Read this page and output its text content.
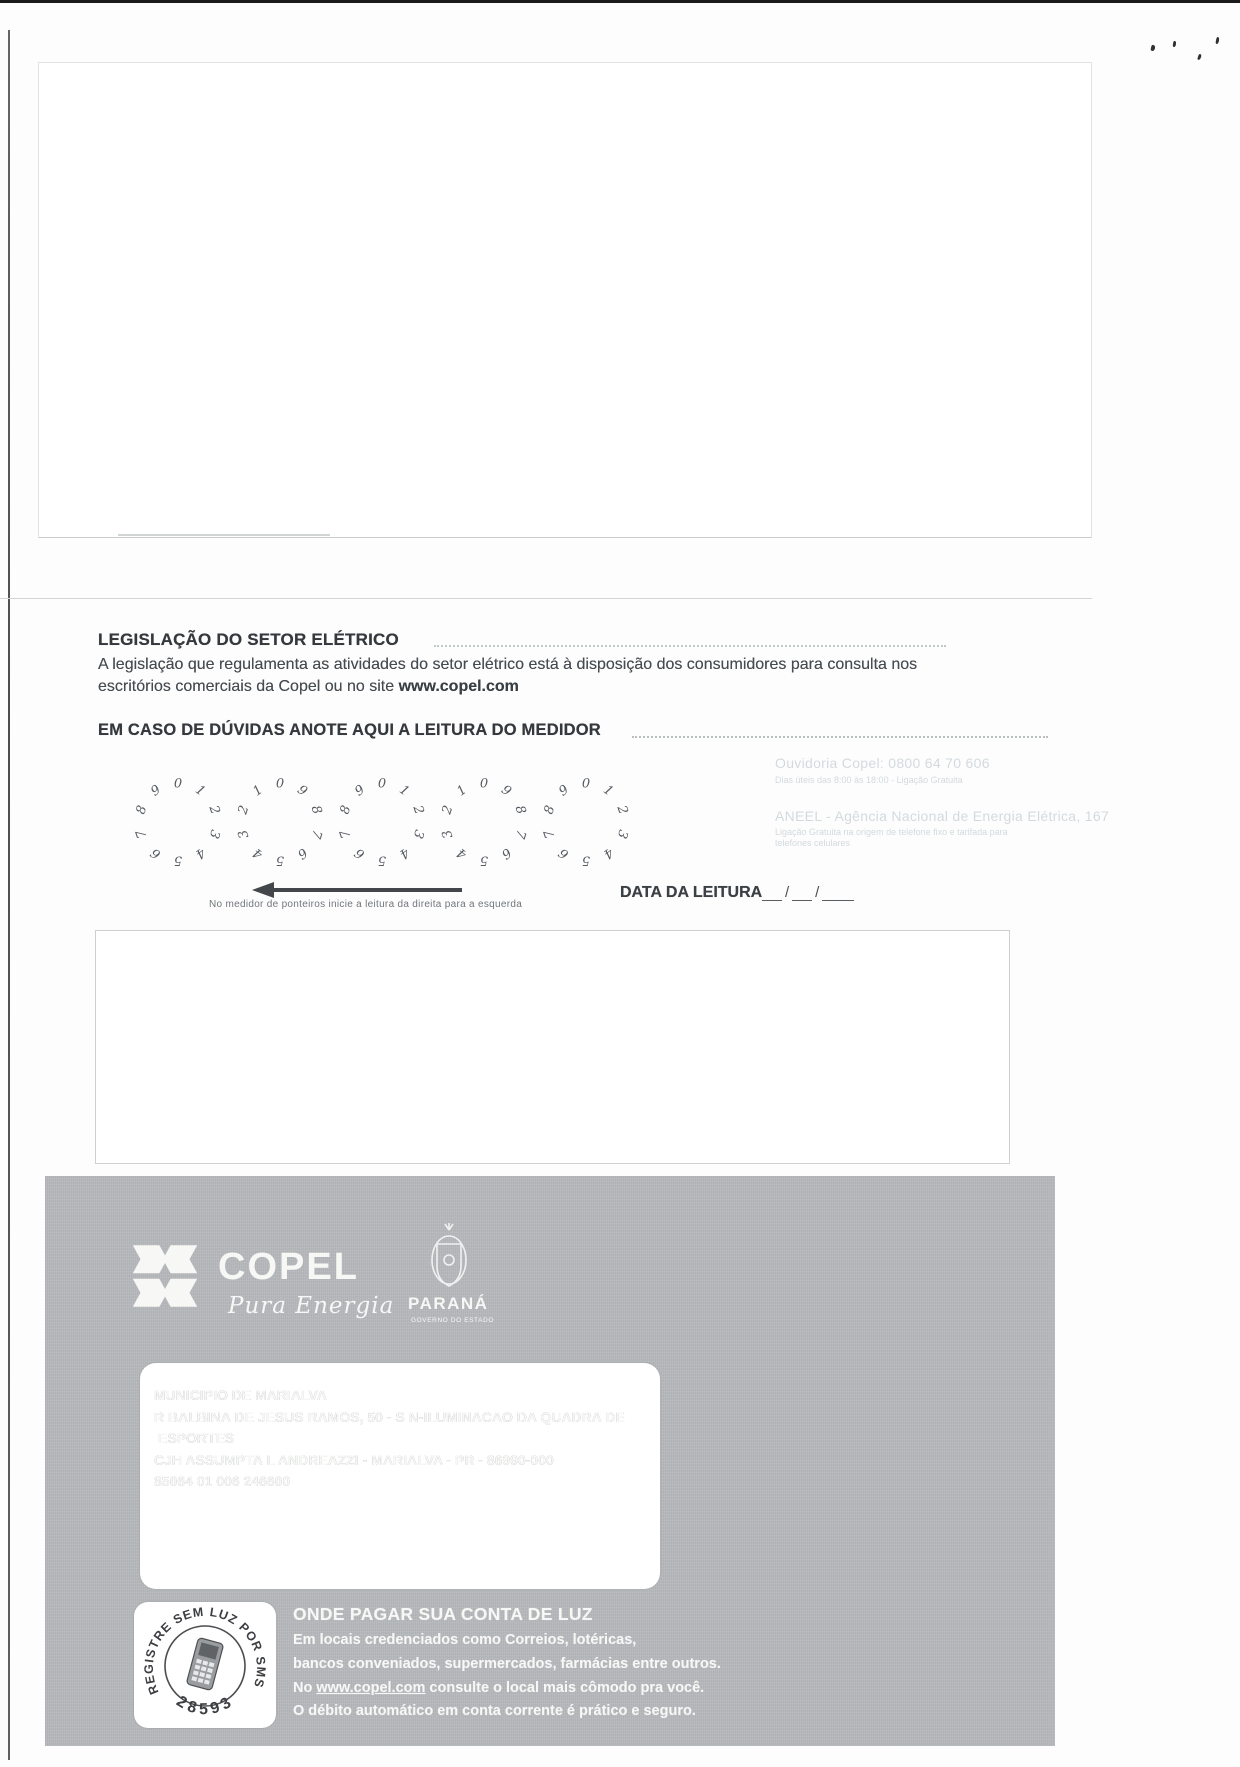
LEGISLAÇÃO DO SETOR ELÉTRICO
A legislação que regulamenta as atividades do setor elétrico está à disposição dos consumidores para consulta nos
escritórios comerciais da Copel ou no site www.copel.com
EM CASO DE DÚVIDAS ANOTE AQUI A LEITURA DO MEDIDOR
Ouvidoria Copel: 0800 64 70 606
Dias úteis das 8:00 às 18:00 - Ligação Gratuita
ANEEL - Agência Nacional de Energia Elétrica, 167
Ligação Gratuita na origem de telefone fixo e tarifada para
telefones celulares
0 1
2
3
4
5
6
7
8
9	0
1
2
3
4 5 6
7
8
9	0 1
2
3
4
5
6
7
8
9	0
1
2
3
4 5 6
7
8
9	0 1
2
3
4
5
6
7
8
9
No medidor de ponteiros inicie a leitura da direita para a esquerda
DATA DA LEITURA / /
COPEL
Pura Energia PARANÁ
GOVERNO DO ESTADO
MUNICIPIO DE MARIALVA
R BALBINA DE JESUS RAMOS, 50 - S N-ILUMINACAO DA QUADRA DE
ESPORTES
CJH ASSUMPTA L ANDREAZZI - MARIALVA - PR - 86990-000
85064 01 006 246600
REGISTRE SEM LUZ POR SMS
28593
ONDE PAGAR SUA CONTA DE LUZ
Em locais credenciados como Correios, lotéricas,
bancos conveniados, supermercados, farmácias entre outros.
No www.copel.com consulte o local mais cômodo pra você.
O débito automático em conta corrente é prático e seguro.
